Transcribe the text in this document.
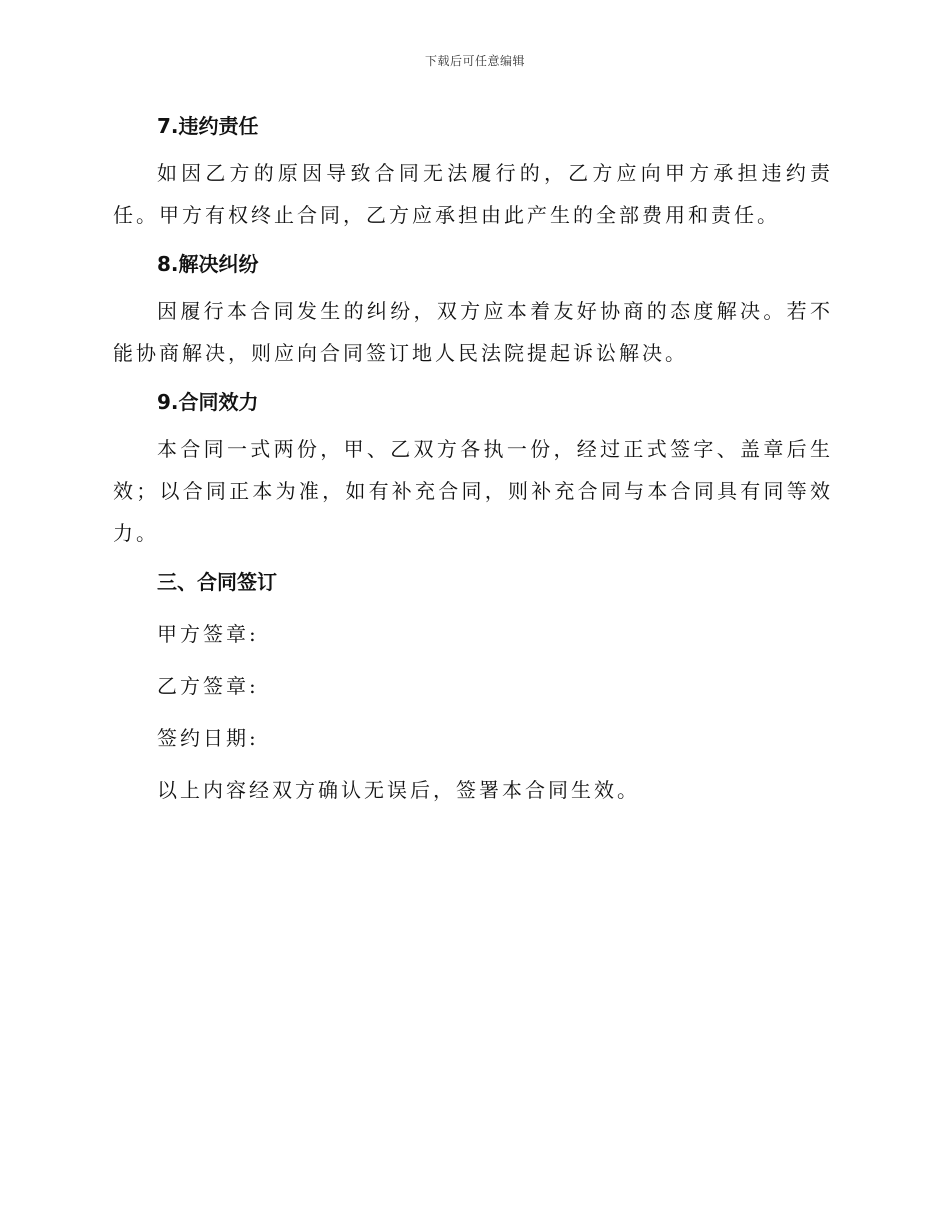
下载后可任意编辑
7.违约责任

如因乙方的原因导致合同无法履行的，乙方应向甲方承担违约责任。甲方有权终止合同，乙方应承担由此产生的全部费用和责任。

8.解决纠纷

因履行本合同发生的纠纷，双方应本着友好协商的态度解决。若不能协商解决，则应向合同签订地人民法院提起诉讼解决。

9.合同效力

本合同一式两份，甲、乙双方各执一份，经过正式签字、盖章后生效；以合同正本为准，如有补充合同，则补充合同与本合同具有同等效力。

三、合同签订
甲方签章:
乙方签章:
签约日期:
以上内容经双方确认无误后，签署本合同生效。
